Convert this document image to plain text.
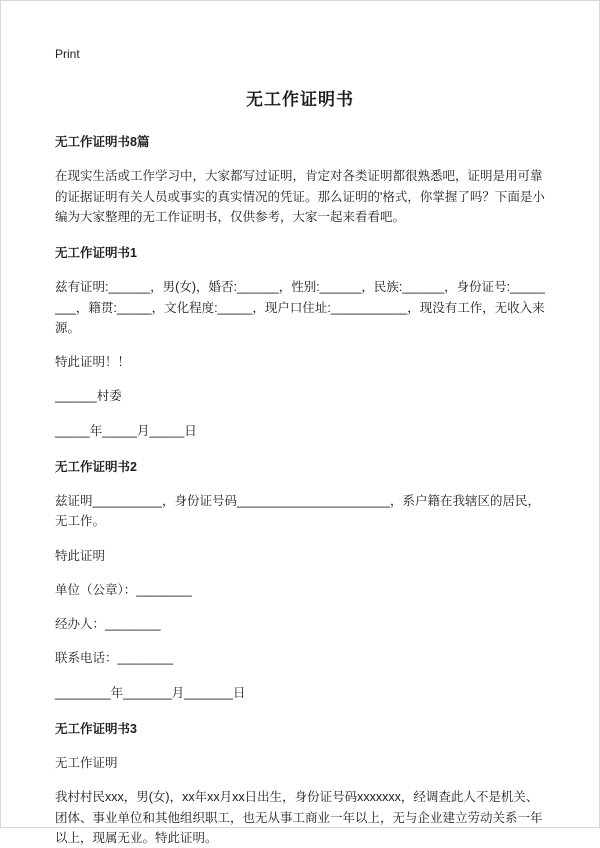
Print
无工作证明书
无工作证明书8篇
在现实生活或工作学习中，大家都写过证明，肯定对各类证明都很熟悉吧，证明是用可靠的证据证明有关人员或事实的真实情况的凭证。那么证明的'格式，你掌握了吗？下面是小编为大家整理的无工作证明书，仅供参考，大家一起来看看吧。
无工作证明书1
兹有证明:______，男(女)，婚否:______，性别:______，民族:______，身份证号:________，籍贯:_____，文化程度:_____，现户口住址:___________，现没有工作，无收入来源。
特此证明！！
______村委
_____年_____月_____日
无工作证明书2
兹证明__________，身份证号码______________________，系户籍在我辖区的居民，无工作。
特此证明
单位（公章）：________
经办人：________
联系电话：________
________年_______月_______日
无工作证明书3
无工作证明
我村村民xxx，男(女)，xx年xx月xx日出生，身份证号码xxxxxxx，经调查此人不是机关、团体、事业单位和其他组织职工，也无从事工商业一年以上，无与企业建立劳动关系一年以上，现属无业。特此证明。
